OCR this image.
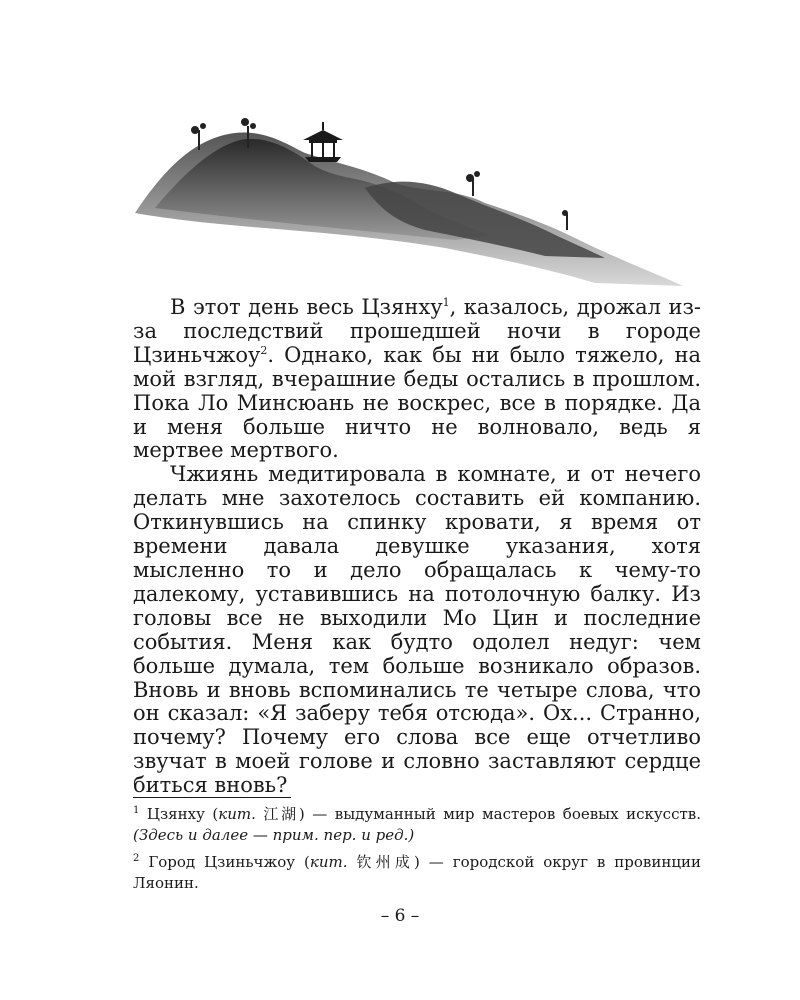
В этот день весь Цзянху$^1$, казалось, дрожал из-за последствий прошедшей ночи в городе Цзиньчжоу$^2$. Однако, как бы ни было тяжело, на мой взгляд, вчерашние беды остались в прошлом. Пока Ло Минсюань не воскрес, все в порядке. Да и меня больше ничто не волновало, ведь я мертвее мертвого.

Чжиянь медитировала в комнате, и от нечего делать мне захотелось составить ей компанию. Откинувшись на спинку кровати, я время от времени давала девушке указания, хотя мысленно то и дело обращалась к чему-то далекому, уставившись на потолочную балку. Из головы все не выходили Мо Цин и последние события. Меня как будто одолел недуг: чем больше думала, тем больше возникало образов. Вновь и вновь вспоминались те четыре слова, что он сказал: «Я заберу тебя отсюда». Ох... Странно, почему? Почему его слова все еще отчетливо звучат в моей голове и словно заставляют сердце биться вновь?

$^1$ Цзянху (кит. 江湖) — выдуманный мир мастеров боевых искусств. (Здесь и далее — прим. пер. и ред.)

$^2$ Город Цзиньчжоу (кит. 钦州成) — городской округ в провинции Ляонин.

– 6 –
